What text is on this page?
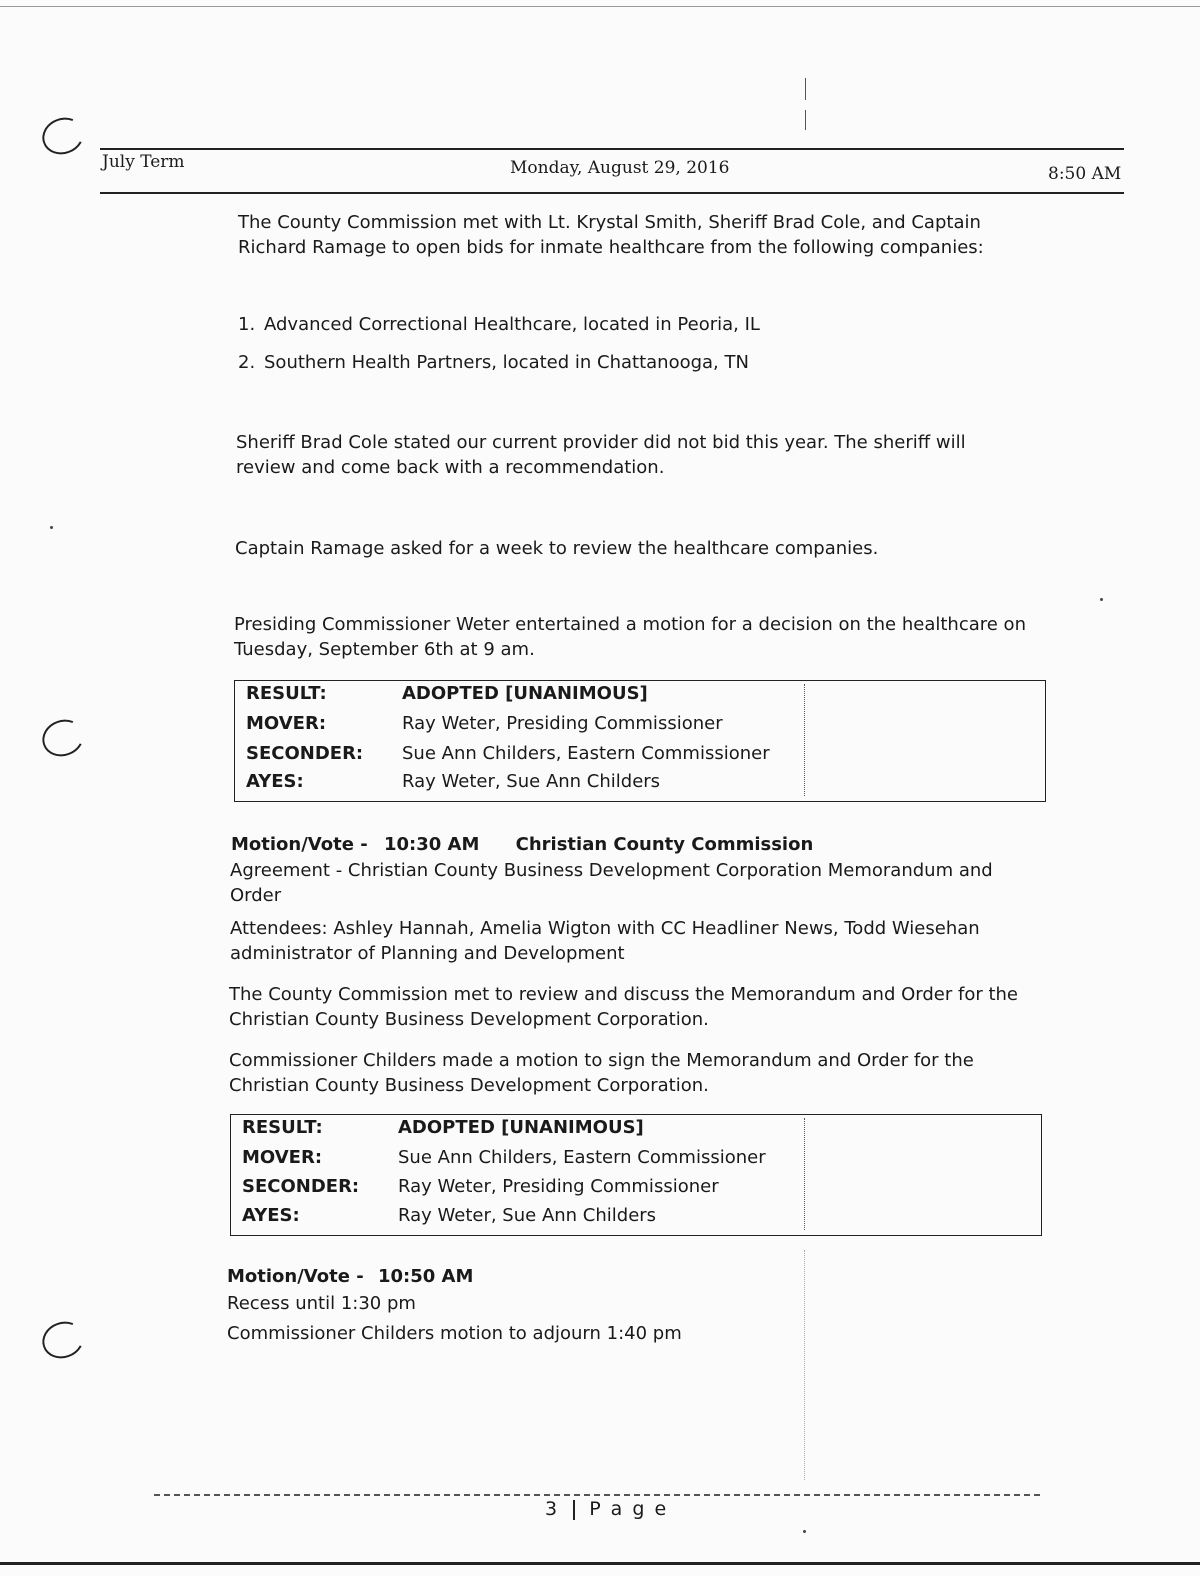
July Term	Monday, August 29, 2016	8:50 AM
The County Commission met with Lt. Krystal Smith, Sheriff Brad Cole, and Captain
Richard Ramage to open bids for inmate healthcare from the following companies:
1. Advanced Correctional Healthcare, located in Peoria, IL
2. Southern Health Partners, located in Chattanooga, TN
Sheriff Brad Cole stated our current provider did not bid this year. The sheriff will
review and come back with a recommendation.
Captain Ramage asked for a week to review the healthcare companies.
Presiding Commissioner Weter entertained a motion for a decision on the healthcare on
Tuesday, September 6th at 9 am.
RESULT:	ADOPTED [UNANIMOUS]
MOVER:	Ray Weter, Presiding Commissioner
SECONDER: Sue Ann Childers, Eastern Commissioner
AYES:	Ray Weter, Sue Ann Childers
Motion/Vote - 10:30 AM Christian County Commission
Agreement - Christian County Business Development Corporation Memorandum and
Order
Attendees: Ashley Hannah, Amelia Wigton with CC Headliner News, Todd Wiesehan
administrator of Planning and Development
The County Commission met to review and discuss the Memorandum and Order for the
Christian County Business Development Corporation.
Commissioner Childers made a motion to sign the Memorandum and Order for the
Christian County Business Development Corporation.
RESULT:	ADOPTED [UNANIMOUS]
MOVER:	Sue Ann Childers, Eastern Commissioner
SECONDER: Ray Weter, Presiding Commissioner
AYES:	Ray Weter, Sue Ann Childers
Motion/Vote - 10:50 AM
Recess until 1:30 pm
Commissioner Childers motion to adjourn 1:40 pm
3 P a g e
